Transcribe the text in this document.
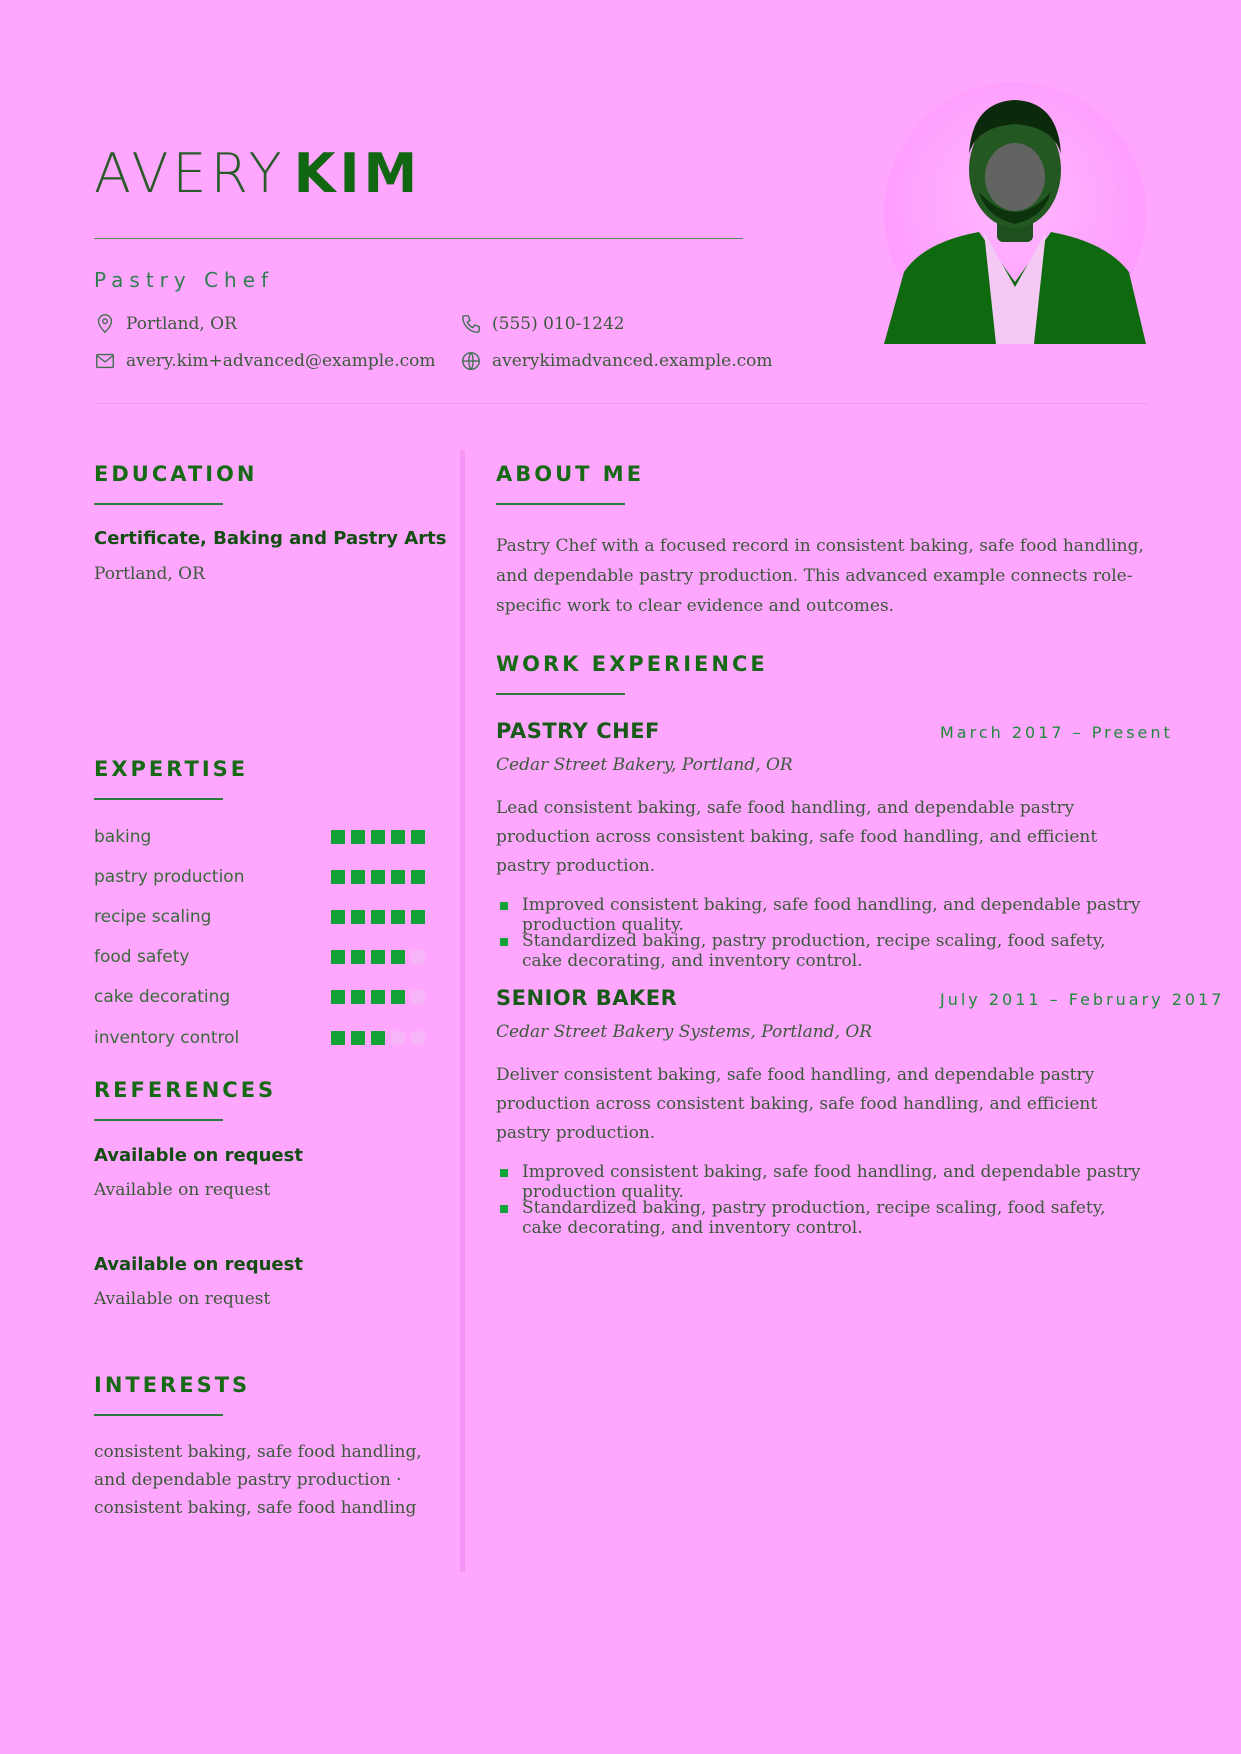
AVERY KIM
Pastry Chef
Portland, OR	(555) 010-1242
avery.kim+advanced@example.com	averykimadvanced.example.com
EDUCATION
Certificate, Baking and Pastry Arts
Portland, OR
EXPERTISE
baking
pastry production
recipe scaling
food safety
cake decorating
inventory control
REFERENCES
Available on request
Available on request
Available on request
Available on request
INTERESTS
consistent baking, safe food handling, and dependable pastry production · consistent baking, safe food handling
ABOUT ME
Pastry Chef with a focused record in consistent baking, safe food handling, and dependable pastry production. This advanced example connects role-specific work to clear evidence and outcomes.
WORK EXPERIENCE
PASTRY CHEF	March 2017 – Present
Cedar Street Bakery, Portland, OR
Lead consistent baking, safe food handling, and dependable pastry production across consistent baking, safe food handling, and efficient pastry production.
Improved consistent baking, safe food handling, and dependable pastry production quality.
Standardized baking, pastry production, recipe scaling, food safety, cake decorating, and inventory control.
SENIOR BAKER	July 2011 – February 2017
Cedar Street Bakery Systems, Portland, OR
Deliver consistent baking, safe food handling, and dependable pastry production across consistent baking, safe food handling, and efficient pastry production.
Improved consistent baking, safe food handling, and dependable pastry production quality.
Standardized baking, pastry production, recipe scaling, food safety, cake decorating, and inventory control.
